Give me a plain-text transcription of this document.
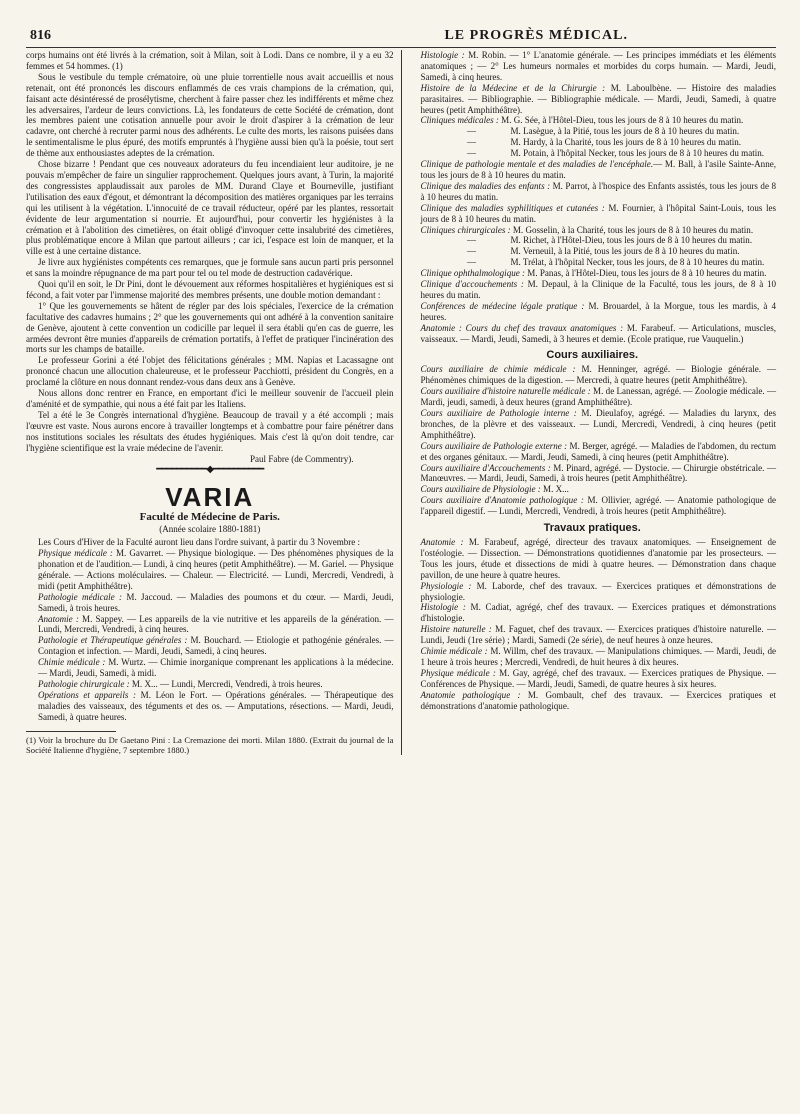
816	LE PROGRÈS MÉDICAL.

corps humains ont été livrés à la crémation, soit à Milan, soit à Lodi. Dans ce nombre, il y a eu 32 femmes et 54 hommes. (1)

Sous le vestibule du temple crématoire, où une pluie torrentielle nous avait accueillis et nous retenait, ont été prononcés les discours enflammés de ces vrais champions de la crémation, qui, faisant acte désintéressé de prosélytisme, cherchent à faire passer chez les indifférents et même chez les adversaires, l'ardeur de leurs convictions. Là, les fondateurs de cette Société de crémation, dont les membres paient une cotisation annuelle pour avoir le droit d'aspirer à la crémation de leur cadavre, ont cherché à recruter parmi nous des adhérents. Le culte des morts, les raisons puisées dans le sentimentalisme le plus épuré, des motifs empruntés à l'hygiène aussi bien qu'à la poésie, tout sert de thème aux enthousiastes adeptes de la crémation.

Chose bizarre ! Pendant que ces nouveaux adorateurs du feu incendiaient leur auditoire, je ne pouvais m'empêcher de faire un singulier rapprochement. Quelques jours avant, à Turin, la majorité des congressistes applaudissait aux paroles de MM. Durand Claye et Bourneville, justifiant l'utilisation des eaux d'égout, et démontrant la décomposition des matières organiques par les terrains qui les utilisent à la végétation. L'innocuité de ce travail réducteur, opéré par les plantes, ressortait évidente de leur argumentation si nourrie. Et aujourd'hui, pour convertir les hygiénistes à la crémation et à l'abolition des cimetières, on était obligé d'invoquer cette insalubrité des cimetières, plus problématique encore à Milan que partout ailleurs ; car ici, l'espace est loin de manquer, et la ville est à une certaine distance.

Je livre aux hygiénistes compétents ces remarques, que je formule sans aucun parti pris personnel et sans la moindre répugnance de ma part pour tel ou tel mode de destruction cadavérique.

Quoi qu'il en soit, le Dr Pini, dont le dévouement aux réformes hospitalières et hygiéniques est si fécond, a fait voter par l'immense majorité des membres présents, une double motion demandant :

1° Que les gouvernements se hâtent de régler par des lois spéciales, l'exercice de la crémation facultative des cadavres humains ; 2° que les gouvernements qui ont adhéré à la convention sanitaire de Genève, ajoutent à cette convention un codicille par lequel il sera établi qu'en cas de guerre, les armées devront être munies d'appareils de crémation portatifs, à l'effet de pratiquer l'incinération des morts sur les champs de bataille.

Le professeur Gorini a été l'objet des félicitations générales ; MM. Napias et Lacassagne ont prononcé chacun une allocution chaleureuse, et le professeur Pacchiotti, président du Congrès, en a proclamé la clôture en nous donnant rendez-vous dans deux ans à Genève.

Nous allons donc rentrer en France, en emportant d'ici le meilleur souvenir de l'accueil plein d'aménité et de sympathie, qui nous a été fait par les Italiens.

Tel a été le 3e Congrès international d'hygiène. Beaucoup de travail y a été accompli ; mais l'œuvre est vaste. Nous aurons encore à travailler longtemps et à combattre pour faire pénétrer dans nos institutions sociales les résultats des études hygiéniques. Mais c'est là qu'on doit tendre, car l'hygiène scientifique est la vraie médecine de l'avenir.

Paul Fabre (de Commentry).

━━━━━━━━━━◆━━━━━━━━━━
VARIA
Faculté de Médecine de Paris.
(Année scolaire 1880-1881)

Les Cours d'Hiver de la Faculté auront lieu dans l'ordre suivant, à partir du 3 Novembre :

Physique médicale : M. Gavarret. — Physique biologique. — Des phénomènes physiques de la phonation et de l'audition.— Lundi, à cinq heures (petit Amphithéâtre). — M. Gariel. — Physique générale. — Actions moléculaires. — Chaleur. — Electricité. — Lundi, Mercredi, Vendredi, à midi (petit Amphithéâtre).

Pathologie médicale : M. Jaccoud. — Maladies des poumons et du cœur. — Mardi, Jeudi, Samedi, à trois heures.

Anatomie : M. Sappey. — Les appareils de la vie nutritive et les appareils de la génération. — Lundi, Mercredi, Vendredi, à cinq heures.

Pathologie et Thérapeutique générales : M. Bouchard. — Etiologie et pathogénie générales. — Contagion et infection. — Mardi, Jeudi, Samedi, à cinq heures.

Chimie médicale : M. Wurtz. — Chimie inorganique comprenant les applications à la médecine. — Mardi, Jeudi, Samedi, à midi.

Pathologie chirurgicale : M. X... — Lundi, Mercredi, Vendredi, à trois heures.

Opérations et appareils : M. Léon le Fort. — Opérations générales. — Thérapeutique des maladies des vaisseaux, des téguments et des os. — Amputations, résections. — Mardi, Jeudi, Samedi, à quatre heures.

(1) Voir la brochure du Dr Gaetano Pini : La Cremazione dei morti. Milan 1880. (Extrait du journal de la Société Italienne d'hygiène, 7 septembre 1880.)

Histologie : M. Robin. — 1° L'anatomie générale. — Les principes immédiats et les éléments anatomiques ; — 2° Les humeurs normales et morbides du corps humain. — Mardi, Jeudi, Samedi, à cinq heures.

Histoire de la Médecine et de la Chirurgie : M. Laboulbène. — Histoire des maladies parasitaires. — Bibliographie. — Bibliographie médicale. — Mardi, Jeudi, Samedi, à quatre heures (petit Amphithéâtre).

Cliniques médicales : M. G. Sée, à l'Hôtel-Dieu, tous les jours de 8 à 10 heures du matin.

—	M. Lasègue, à la Pitié, tous les jours de 8 à 10 heures du matin.

—	M. Hardy, à la Charité, tous les jours de 8 à 10 heures du matin.

—	M. Potain, à l'hôpital Necker, tous les jours de 8 à 10 heures du matin.

Clinique de pathologie mentale et des maladies de l'encéphale.— M. Ball, à l'asile Sainte-Anne, tous les jours de 8 à 10 heures du matin.

Clinique des maladies des enfants : M. Parrot, à l'hospice des Enfants assistés, tous les jours de 8 à 10 heures du matin.

Clinique des maladies syphilitiques et cutanées : M. Fournier, à l'hôpital Saint-Louis, tous les jours de 8 à 10 heures du matin.

Cliniques chirurgicales : M. Gosselin, à la Charité, tous les jours de 8 à 10 heures du matin.

—	M. Richet, à l'Hôtel-Dieu, tous les jours de 8 à 10 heures du matin.

—	M. Verneuil, à la Pitié, tous les jours de 8 à 10 heures du matin.

—	M. Trélat, à l'hôpital Necker, tous les jours, de 8 à 10 heures du matin.

Clinique ophthalmologique : M. Panas, à l'Hôtel-Dieu, tous les jours de 8 à 10 heures du matin.

Clinique d'accouchements : M. Depaul, à la Clinique de la Faculté, tous les jours, de 8 à 10 heures du matin.

Conférences de médecine légale pratique : M. Brouardel, à la Morgue, tous les mardis, à 4 heures.

Anatomie : Cours du chef des travaux anatomiques : M. Farabeuf. — Articulations, muscles, vaisseaux. — Mardi, Jeudi, Samedi, à 3 heures et demie. (Ecole pratique, rue Vauquelin.)

Cours auxiliaires.

Cours auxiliaire de chimie médicale : M. Henninger, agrégé. — Biologie générale. — Phénomènes chimiques de la digestion. — Mercredi, à quatre heures (petit Amphithéâtre).

Cours auxiliaire d'histoire naturelle médicale : M. de Lanessan, agrégé. — Zoologie médicale. — Mardi, jeudi, samedi, à deux heures (grand Amphithéâtre).

Cours auxiliaire de Pathologie interne : M. Dieulafoy, agrégé. — Maladies du larynx, des bronches, de la plèvre et des vaisseaux. — Lundi, Mercredi, Vendredi, à cinq heures (petit Amphithéâtre).

Cours auxiliaire de Pathologie externe : M. Berger, agrégé. — Maladies de l'abdomen, du rectum et des organes génitaux. — Mardi, Jeudi, Samedi, à cinq heures (petit Amphithéâtre).

Cours auxiliaire d'Accouchements : M. Pinard, agrégé. — Dystocie. — Chirurgie obstétricale. — Manœuvres. — Mardi, Jeudi, Samedi, à trois heures (petit Amphithéâtre).

Cours auxiliaire de Physiologie : M. X...

Cours auxiliaire d'Anatomie pathologique : M. Ollivier, agrégé. — Anatomie pathologique de l'appareil digestif. — Lundi, Mercredi, Vendredi, à trois heures (petit Amphithéâtre).

Travaux pratiques.

Anatomie : M. Farabeuf, agrégé, directeur des travaux anatomiques. — Enseignement de l'ostéologie. — Dissection. — Démonstrations quotidiennes d'anatomie par les prosecteurs. — Tous les jours, étude et dissections de midi à quatre heures. — Démonstration dans chaque pavillon, de une heure à quatre heures.

Physiologie : M. Laborde, chef des travaux. — Exercices pratiques et démonstrations de physiologie.

Histologie : M. Cadiat, agrégé, chef des travaux. — Exercices pratiques et démonstrations d'histologie.

Histoire naturelle : M. Faguet, chef des travaux. — Exercices pratiques d'histoire naturelle. — Lundi, Jeudi (1re série) ; Mardi, Samedi (2e série), de neuf heures à onze heures.

Chimie médicale : M. Willm, chef des travaux. — Manipulations chimiques. — Mardi, Jeudi, de 1 heure à trois heures ; Mercredi, Vendredi, de huit heures à dix heures.

Physique médicale : M. Gay, agrégé, chef des travaux. — Exercices pratiques de Physique. — Conférences de Physique. — Mardi, Jeudi, Samedi, de quatre heures à six heures.

Anatomie pathologique : M. Gombault, chef des travaux. — Exercices pratiques et démonstrations d'anatomie pathologique.
